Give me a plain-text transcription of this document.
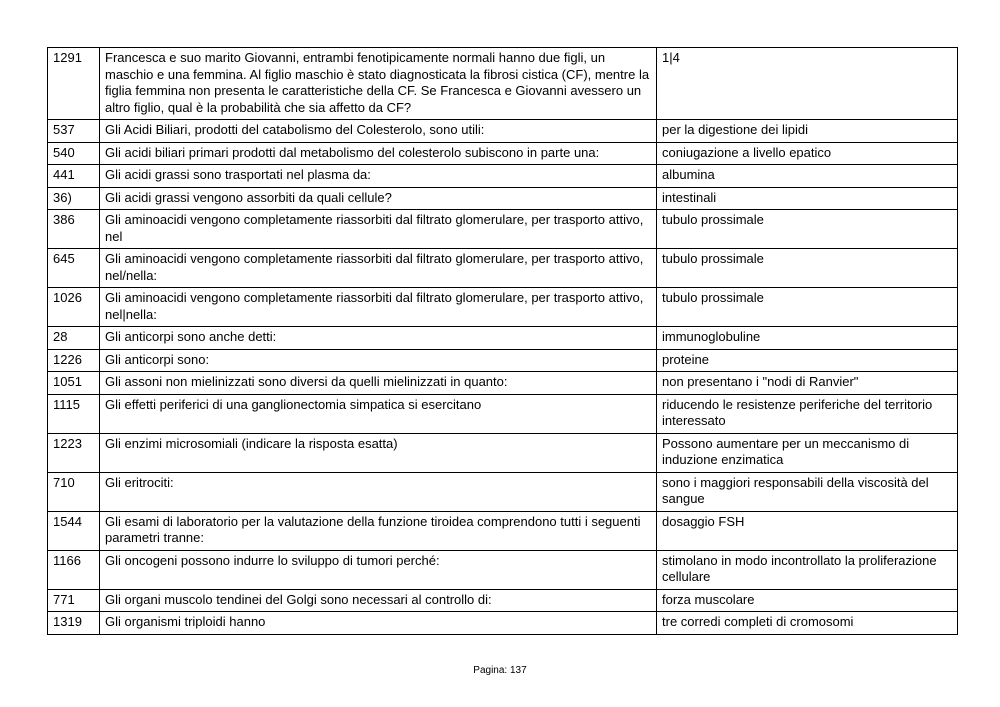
1291	Francesca e suo marito Giovanni, entrambi fenotipicamente normali hanno due figli, un maschio e una femmina. Al figlio maschio è stato diagnosticata la fibrosi cistica (CF), mentre la figlia femmina non presenta le caratteristiche della CF. Se Francesca e Giovanni avessero un altro figlio, qual è la probabilità che sia affetto da CF?	1|4
537	Gli Acidi Biliari, prodotti del catabolismo del Colesterolo, sono utili:	per la digestione dei lipidi
540	Gli acidi biliari primari prodotti dal metabolismo del colesterolo subiscono in parte una:	coniugazione a livello epatico
441	Gli acidi grassi sono trasportati nel plasma da:	albumina
36)	Gli acidi grassi vengono assorbiti da quali cellule?	intestinali
386	Gli aminoacidi vengono completamente riassorbiti dal filtrato glomerulare, per trasporto attivo, nel	tubulo prossimale
645	Gli aminoacidi vengono completamente riassorbiti dal filtrato glomerulare, per trasporto attivo, nel/nella:	tubulo prossimale
1026	Gli aminoacidi vengono completamente riassorbiti dal filtrato glomerulare, per trasporto attivo, nel|nella:	tubulo prossimale
28	Gli anticorpi sono anche detti:	immunoglobuline
1226	Gli anticorpi sono:	proteine
1051	Gli assoni non mielinizzati sono diversi da quelli mielinizzati in quanto:	non presentano i "nodi di Ranvier"
1115	Gli effetti periferici di una ganglionectomia simpatica si esercitano	riducendo le resistenze periferiche del territorio interessato
1223	Gli enzimi microsomiali (indicare la risposta esatta)	Possono aumentare per un meccanismo di induzione enzimatica
710	Gli eritrociti:	sono i maggiori responsabili della viscosità del sangue
1544	Gli esami di laboratorio per la valutazione della funzione tiroidea comprendono tutti i seguenti parametri tranne:	dosaggio FSH
1166	Gli oncogeni possono indurre lo sviluppo di tumori perché:	stimolano in modo incontrollato la proliferazione cellulare
771	Gli organi muscolo tendinei del Golgi sono necessari al controllo di:	forza muscolare
1319	Gli organismi triploidi hanno	tre corredi completi di cromosomi
Pagina: 137
